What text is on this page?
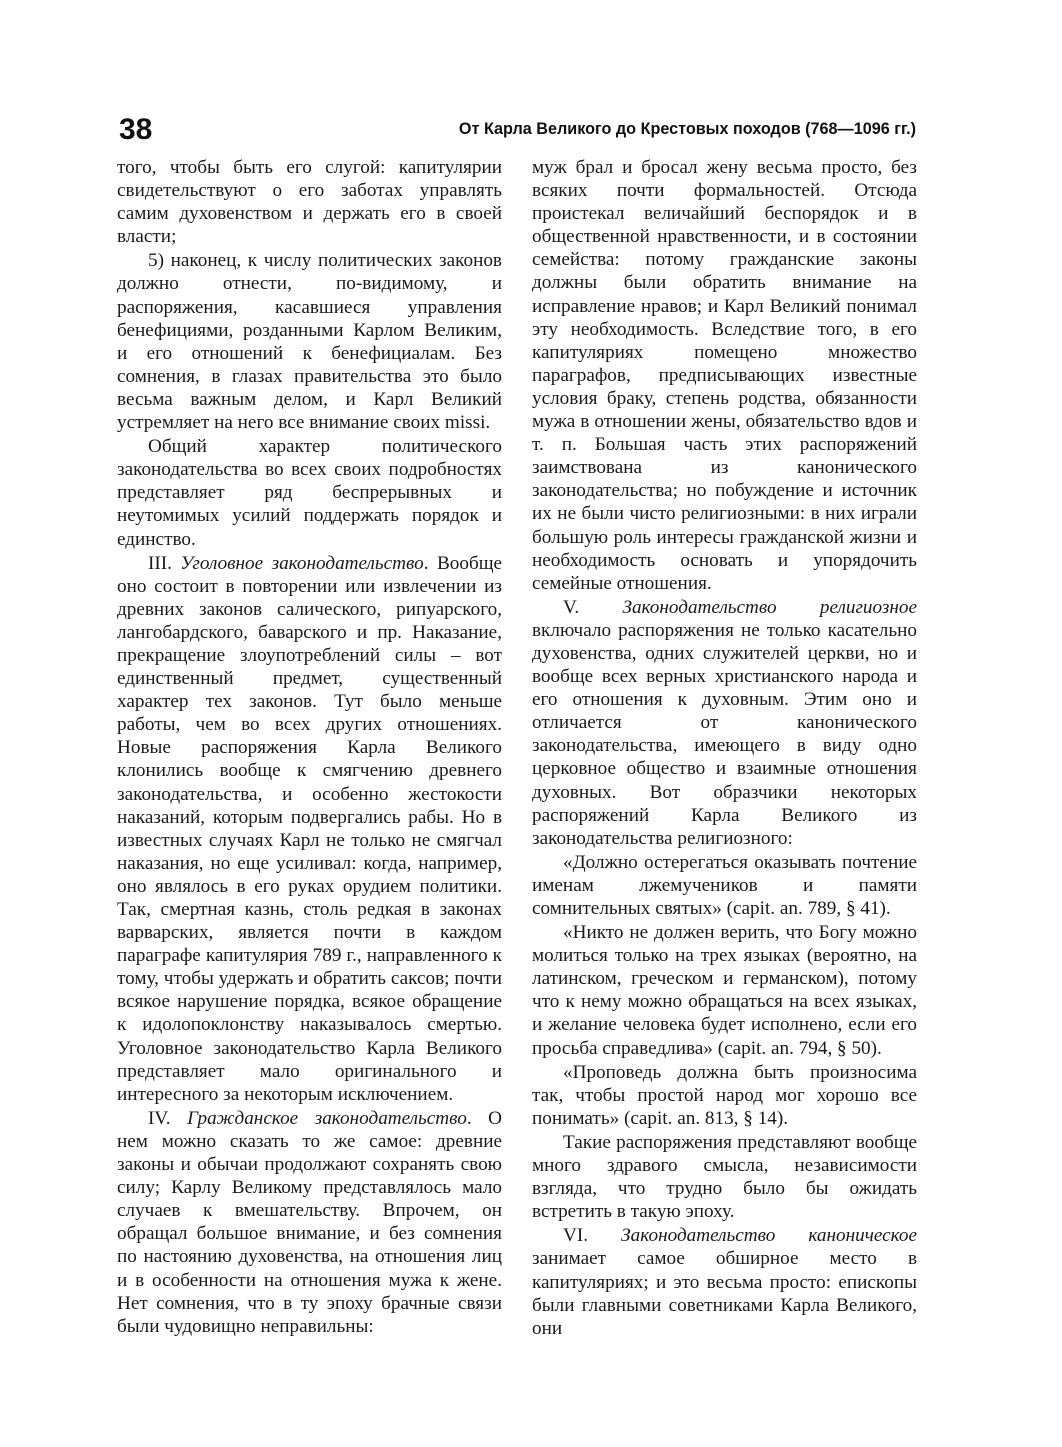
38	От Карла Великого до Крестовых походов (768—1096 гг.)

того, чтобы быть его слугой: капитулярии свидетельствуют о его заботах управлять самим духовенством и держать его в своей власти;

5) наконец, к числу политических законов должно отнести, по-видимому, и распоряжения, касавшиеся управления бенефициями, розданными Карлом Великим, и его отношений к бенефициалам. Без сомнения, в глазах правительства это было весьма важным делом, и Карл Великий устремляет на него все внимание своих missi.

Общий характер политического законодательства во всех своих подробностях представляет ряд беспрерывных и неутомимых усилий поддержать порядок и единство.

III. Уголовное законодательство. Вообще оно состоит в повторении или извлечении из древних законов салического, рипуарского, лангобардского, баварского и пр. Наказание, прекращение злоупотреблений силы – вот единственный предмет, существенный характер тех законов. Тут было меньше работы, чем во всех других отношениях. Новые распоряжения Карла Великого клонились вообще к смягчению древнего законодательства, и особенно жестокости наказаний, которым подвергались рабы. Но в известных случаях Карл не только не смягчал наказания, но еще усиливал: когда, например, оно являлось в его руках орудием политики. Так, смертная казнь, столь редкая в законах варварских, является почти в каждом параграфе капитулярия 789 г., направленного к тому, чтобы удержать и обратить саксов; почти всякое нарушение порядка, всякое обращение к идолопоклонству наказывалось смертью. Уголовное законодательство Карла Великого представляет мало оригинального и интересного за некоторым исключением.

IV. Гражданское законодательство. О нем можно сказать то же самое: древние законы и обычаи продолжают сохранять свою силу; Карлу Великому представлялось мало случаев к вмешательству. Впрочем, он обращал большое внимание, и без сомнения по настоянию духовенства, на отношения лиц и в особенности на отношения мужа к жене. Нет сомнения, что в ту эпоху брачные связи были чудовищно неправильны:

муж брал и бросал жену весьма просто, без всяких почти формальностей. Отсюда проистекал величайший беспорядок и в общественной нравственности, и в состоянии семейства: потому гражданские законы должны были обратить внимание на исправление нравов; и Карл Великий понимал эту необходимость. Вследствие того, в его капитуляриях помещено множество параграфов, предписывающих известные условия браку, степень родства, обязанности мужа в отношении жены, обязательство вдов и т. п. Большая часть этих распоряжений заимствована из канонического законодательства; но побуждение и источник их не были чисто религиозными: в них играли большую роль интересы гражданской жизни и необходимость основать и упорядочить семейные отношения.

V. Законодательство религиозное включало распоряжения не только касательно духовенства, одних служителей церкви, но и вообще всех верных христианского народа и его отношения к духовным. Этим оно и отличается от канонического законодательства, имеющего в виду одно церковное общество и взаимные отношения духовных. Вот образчики некоторых распоряжений Карла Великого из законодательства религиозного:

«Должно остерегаться оказывать почтение именам лжемучеников и памяти сомнительных святых» (capit. an. 789, § 41).

«Никто не должен верить, что Богу можно молиться только на трех языках (вероятно, на латинском, греческом и германском), потому что к нему можно обращаться на всех языках, и желание человека будет исполнено, если его просьба справедлива» (capit. an. 794, § 50).

«Проповедь должна быть произносима так, чтобы простой народ мог хорошо все понимать» (capit. an. 813, § 14).

Такие распоряжения представляют вообще много здравого смысла, независимости взгляда, что трудно было бы ожидать встретить в такую эпоху.

VI. Законодательство каноническое занимает самое обширное место в капитуляриях; и это весьма просто: епископы были главными советниками Карла Великого, они
